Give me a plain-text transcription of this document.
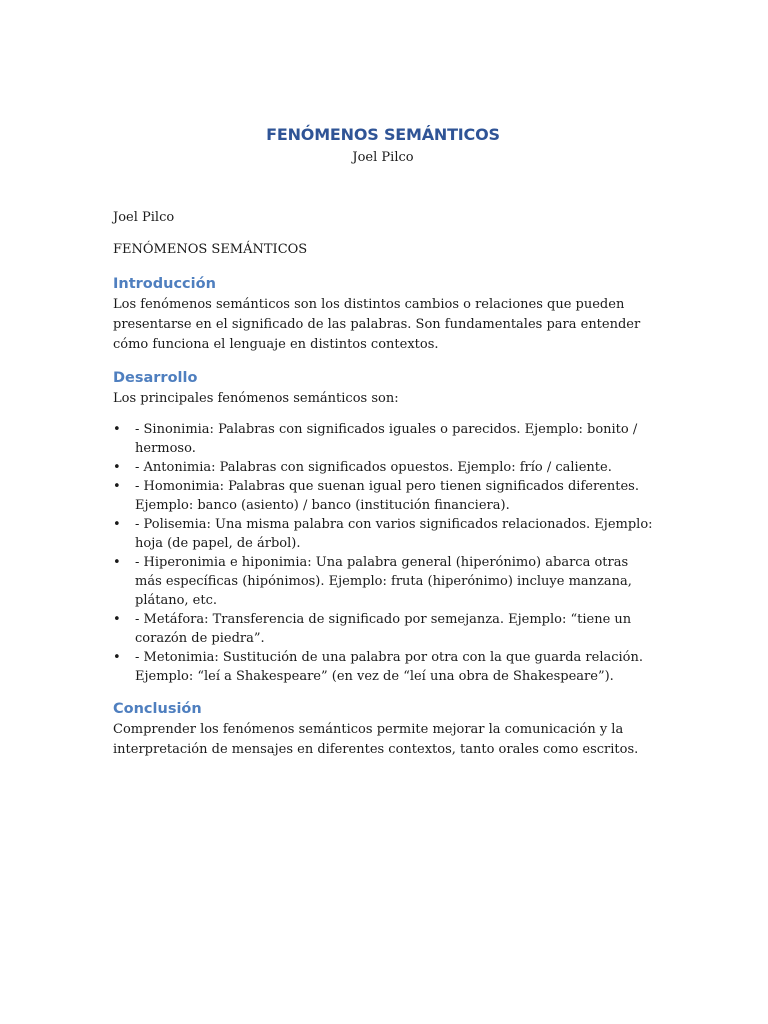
FENÓMENOS SEMÁNTICOS

Joel Pilco

Joel Pilco

FENÓMENOS SEMÁNTICOS

Introducción

Los fenómenos semánticos son los distintos cambios o relaciones que pueden presentarse en el significado de las palabras. Son fundamentales para entender cómo funciona el lenguaje en distintos contextos.

Desarrollo

Los principales fenómenos semánticos son:

• - Sinonimia: Palabras con significados iguales o parecidos. Ejemplo: bonito / hermoso.
• - Antonimia: Palabras con significados opuestos. Ejemplo: frío / caliente.
• - Homonimia: Palabras que suenan igual pero tienen significados diferentes. Ejemplo: banco (asiento) / banco (institución financiera).
• - Polisemia: Una misma palabra con varios significados relacionados. Ejemplo: hoja (de papel, de árbol).
• - Hiperonimia e hiponimia: Una palabra general (hiperónimo) abarca otras más específicas (hipónimos). Ejemplo: fruta (hiperónimo) incluye manzana, plátano, etc.
• - Metáfora: Transferencia de significado por semejanza. Ejemplo: “tiene un corazón de piedra”.
• - Metonimia: Sustitución de una palabra por otra con la que guarda relación. Ejemplo: “leí a Shakespeare” (en vez de “leí una obra de Shakespeare”).
Conclusión

Comprender los fenómenos semánticos permite mejorar la comunicación y la interpretación de mensajes en diferentes contextos, tanto orales como escritos.
